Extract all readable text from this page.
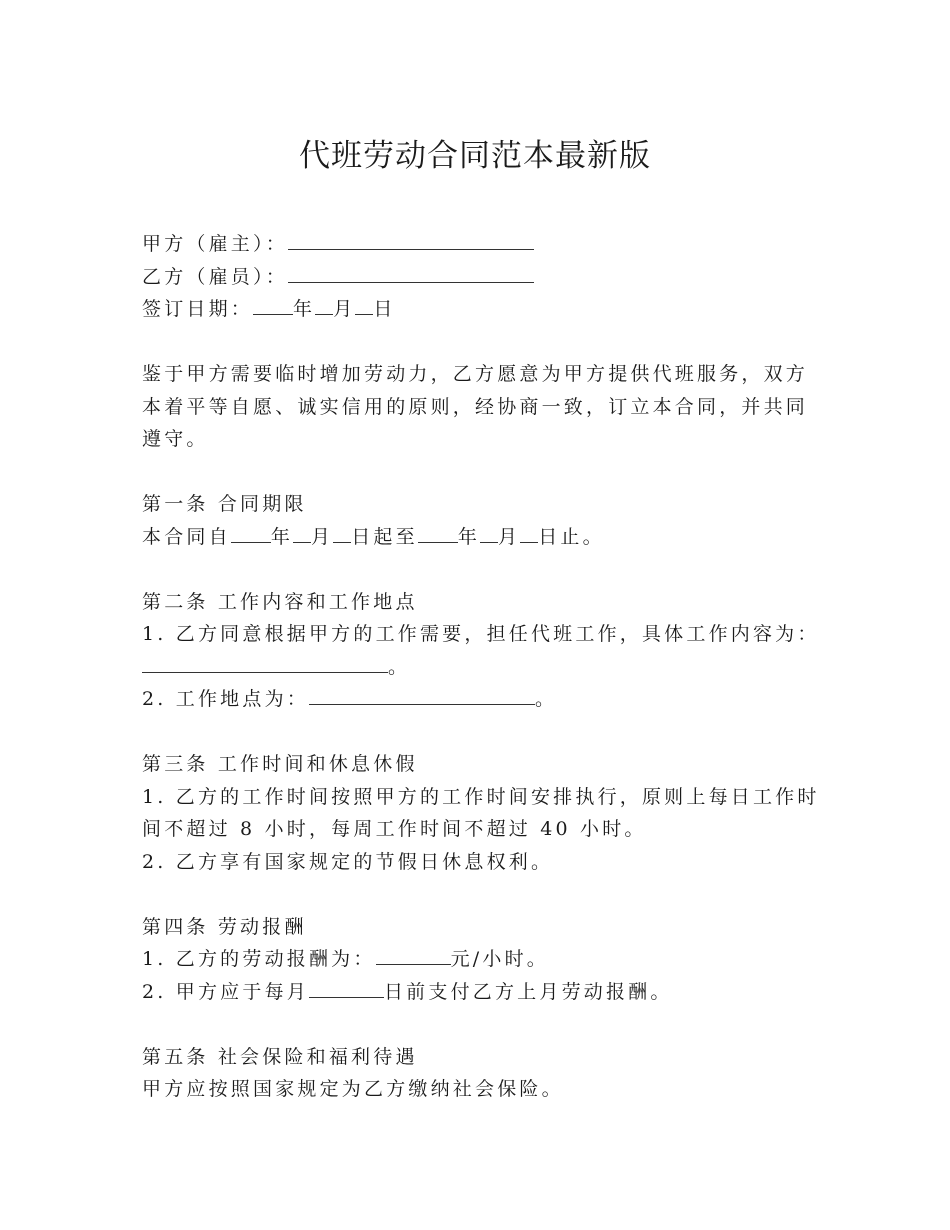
代班劳动合同范本最新版
甲方（雇主）：
乙方（雇员）：
签订日期： 年 月 日
鉴于甲方需要临时增加劳动力，乙方愿意为甲方提供代班服务，双方
本着平等自愿、诚实信用的原则，经协商一致，订立本合同，并共同
遵守。
第一条 合同期限
本合同自 年 月 日起至 年 月 日止。
第二条 工作内容和工作地点
1. 乙方同意根据甲方的工作需要，担任代班工作，具体工作内容为：
。
2. 工作地点为：	。
第三条 工作时间和休息休假
1. 乙方的工作时间按照甲方的工作时间安排执行，原则上每日工作时
间不超过 8 小时，每周工作时间不超过 40 小时。
2. 乙方享有国家规定的节假日休息权利。
第四条 劳动报酬
1. 乙方的劳动报酬为：	元/小时。
2. 甲方应于每月	日前支付乙方上月劳动报酬。
第五条 社会保险和福利待遇
甲方应按照国家规定为乙方缴纳社会保险。
